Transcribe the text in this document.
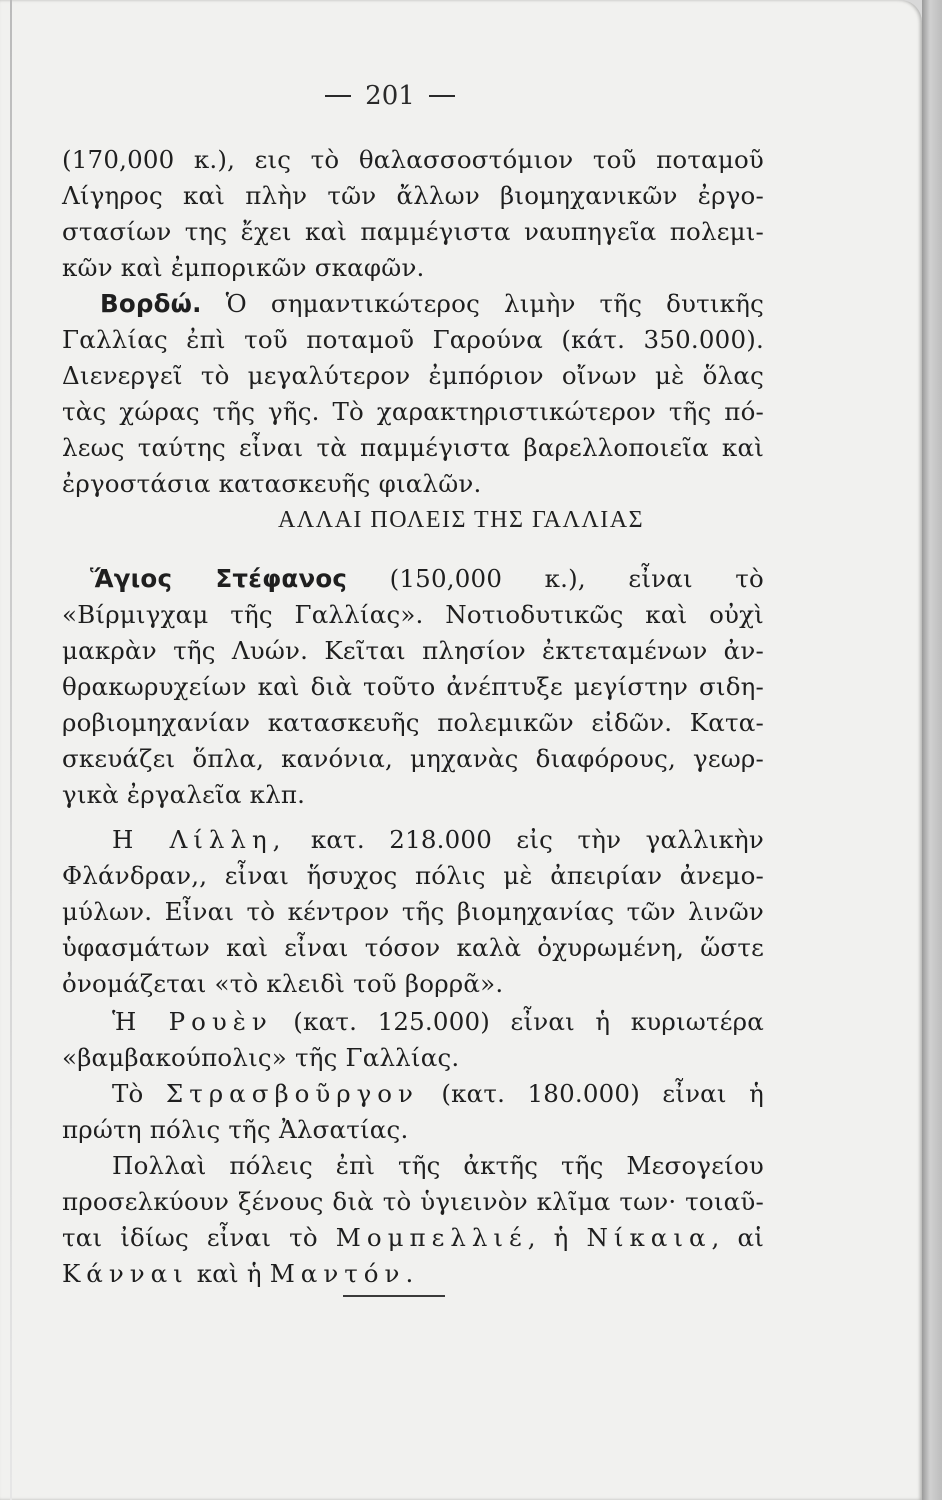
201
(170,000 κ.), εις τὸ θαλασσοστόμιον τοῦ ποταμοῦ
Λίγηρος καὶ πλὴν τῶν ἄλλων βιομηχανικῶν ἐργο-
στασίων της ἔχει καὶ παμμέγιστα ναυπηγεῖα πολεμι-
κῶν καὶ ἐμπορικῶν σκαφῶν.
Βορδώ. Ὁ σημαντικώτερος λιμὴν τῆς δυτικῆς
Γαλλίας ἐπὶ τοῦ ποταμοῦ Γαρούνα (κάτ. 350.000).
Διενεργεῖ τὸ μεγαλύτερον ἐμπόριον οἴνων μὲ ὅλας
τὰς χώρας τῆς γῆς. Τὸ χαρακτηριστικώτερον τῆς πό-
λεως ταύτης εἶναι τὰ παμμέγιστα βαρελλοποιεῖα καὶ
ἐργοστάσια κατασκευῆς φιαλῶν.
ΑΛΛΑΙ ΠΟΛΕΙΣ ΤΗΣ ΓΑΛΛΙΑΣ
Ἅγιος Στέφανος (150,000 κ.), εἶναι τὸ
«Βίρμιγχαμ τῆς Γαλλίας». Νοτιοδυτικῶς καὶ οὐχὶ
μακρὰν τῆς Λυών. Κεῖται πλησίον ἐκτεταμένων ἀν-
θρακωρυχείων καὶ διὰ τοῦτο ἀνέπτυξε μεγίστην σιδη-
ροβιομηχανίαν κατασκευῆς πολεμικῶν εἰδῶν. Κατα-
σκευάζει ὅπλα, κανόνια, μηχανὰς διαφόρους, γεωρ-
γικὰ ἐργαλεῖα κλπ.
Η Λίλλη, κατ. 218.000 εἰς τὴν γαλλικὴν
Φλάνδραν,, εἶναι ἥσυχος πόλις μὲ ἀπειρίαν ἀνεμο-
μύλων. Εἶναι τὸ κέντρον τῆς βιομηχανίας τῶν λινῶν
ὑφασμάτων καὶ εἶναι τόσον καλὰ ὀχυρωμένη, ὥστε
ὀνομάζεται «τὸ κλειδὶ τοῦ βορρᾶ».
Ἡ Ρουὲν (κατ. 125.000) εἶναι ἡ κυριωτέρα
«βαμβακούπολις» τῆς Γαλλίας.
Τὸ Στρασβοῦργον (κατ. 180.000) εἶναι ἡ
πρώτη πόλις τῆς Ἀλσατίας.
Πολλαὶ πόλεις ἐπὶ τῆς ἀκτῆς τῆς Μεσογείου
προσελκύουν ξένους διὰ τὸ ὑγιεινὸν κλῖμα των· τοιαῦ-
ται ἰδίως εἶναι τὸ Μομπελλιέ, ἡ Νίκαια, αἱ
Κάνναι καὶ ἡ Μαντόν.
